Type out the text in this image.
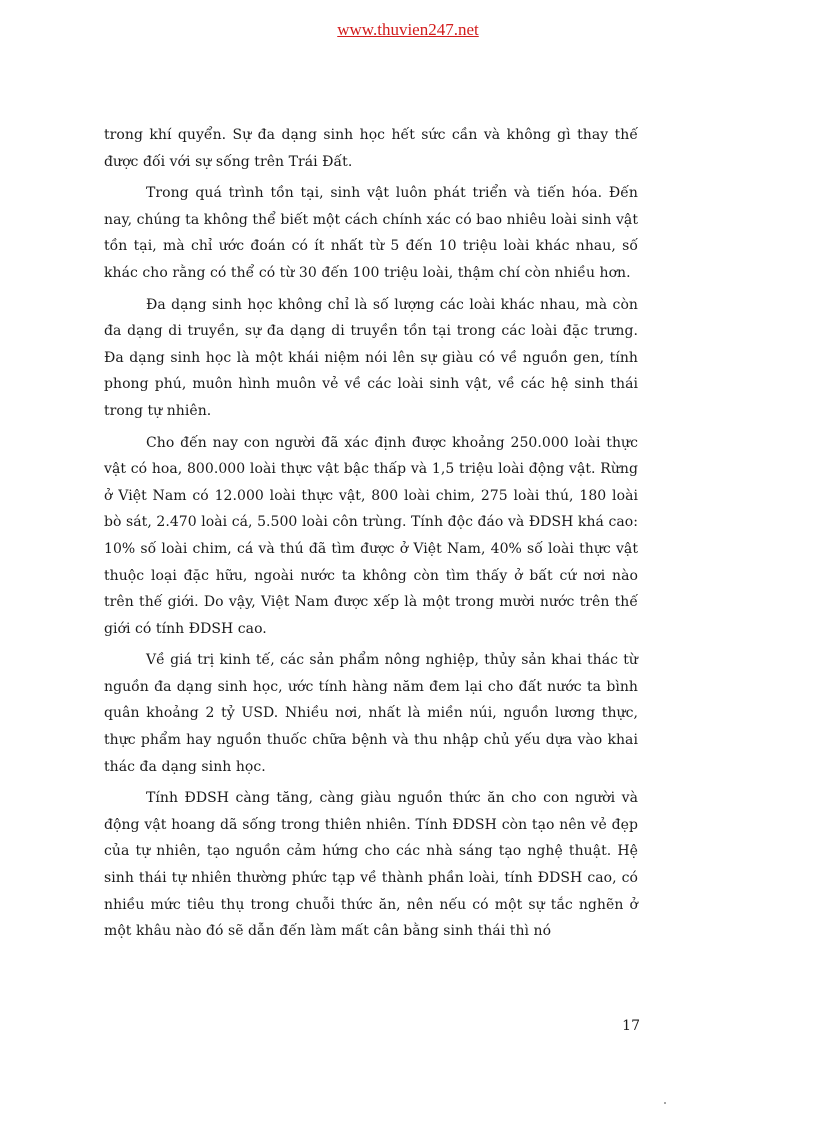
www.thuvien247.net

trong khí quyển. Sự đa dạng sinh học hết sức cần và không gì thay thế được đối với sự sống trên Trái Đất.

Trong quá trình tồn tại, sinh vật luôn phát triển và tiến hóa. Đến nay, chúng ta không thể biết một cách chính xác có bao nhiêu loài sinh vật tồn tại, mà chỉ ước đoán có ít nhất từ 5 đến 10 triệu loài khác nhau, số khác cho rằng có thể có từ 30 đến 100 triệu loài, thậm chí còn nhiều hơn.

Đa dạng sinh học không chỉ là số lượng các loài khác nhau, mà còn đa dạng di truyền, sự đa dạng di truyền tồn tại trong các loài đặc trưng. Đa dạng sinh học là một khái niệm nói lên sự giàu có về nguồn gen, tính phong phú, muôn hình muôn vẻ về các loài sinh vật, về các hệ sinh thái trong tự nhiên.

Cho đến nay con người đã xác định được khoảng 250.000 loài thực vật có hoa, 800.000 loài thực vật bậc thấp và 1,5 triệu loài động vật. Rừng ở Việt Nam có 12.000 loài thực vật, 800 loài chim, 275 loài thú, 180 loài bò sát, 2.470 loài cá, 5.500 loài côn trùng. Tính độc đáo và ĐDSH khá cao: 10% số loài chim, cá và thú đã tìm được ở Việt Nam, 40% số loài thực vật thuộc loại đặc hữu, ngoài nước ta không còn tìm thấy ở bất cứ nơi nào trên thế giới. Do vậy, Việt Nam được xếp là một trong mười nước trên thế giới có tính ĐDSH cao.

Về giá trị kinh tế, các sản phẩm nông nghiệp, thủy sản khai thác từ nguồn đa dạng sinh học, ước tính hàng năm đem lại cho đất nước ta bình quân khoảng 2 tỷ USD. Nhiều nơi, nhất là miền núi, nguồn lương thực, thực phẩm hay nguồn thuốc chữa bệnh và thu nhập chủ yếu dựa vào khai thác đa dạng sinh học.

Tính ĐDSH càng tăng, càng giàu nguồn thức ăn cho con người và động vật hoang dã sống trong thiên nhiên. Tính ĐDSH còn tạo nên vẻ đẹp của tự nhiên, tạo nguồn cảm hứng cho các nhà sáng tạo nghệ thuật. Hệ sinh thái tự nhiên thường phức tạp về thành phần loài, tính ĐDSH cao, có nhiều mức tiêu thụ trong chuỗi thức ăn, nên nếu có một sự tắc nghẽn ở một khâu nào đó sẽ dẫn đến làm mất cân bằng sinh thái thì nó

17
